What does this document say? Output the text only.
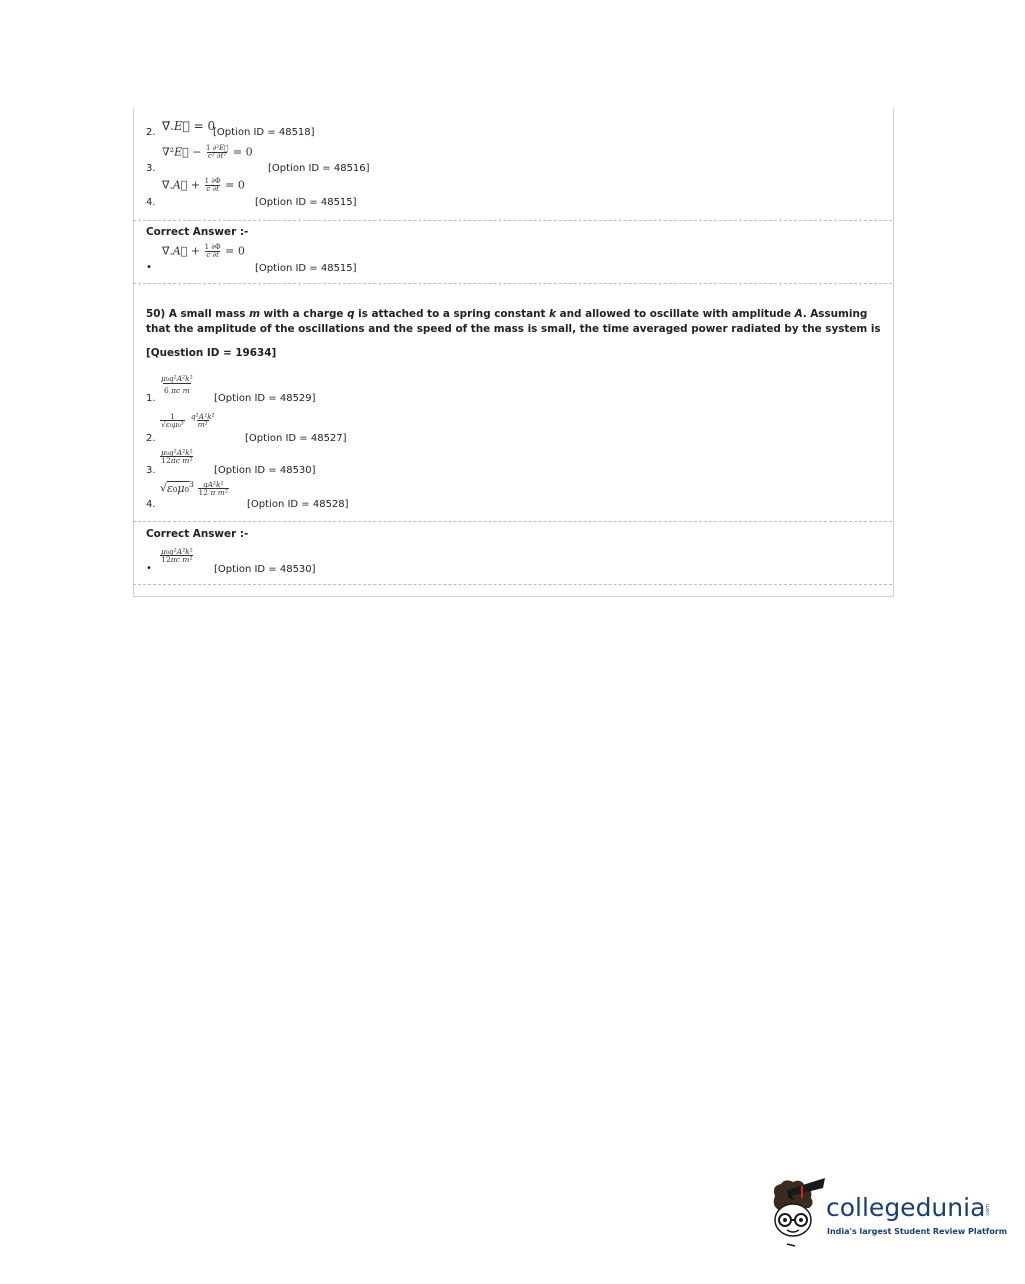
2. ∇⃗.E⃗ = 0
[Option ID = 48518]
3.
∇²E⃗ − $\frac{\text{1 ∂²E⃗}}{\text{c² ∂t²}} = 0$
[Option ID = 48516]
4.
∇⃗.A⃗ + $\frac{1 \partial\Phi}{c \partial t} = 0$
[Option ID = 48515]
Correct Answer :-
•
∇⃗.A⃗ + $\frac{1 \partial\Phi}{c \partial t} = 0$
[Option ID = 48515]
50) A small mass m with a charge q is attached to a spring constant k and allowed to oscillate with amplitude A. Assuming that the amplitude of the oscillations and the speed of the mass is small, the time averaged power radiated by the system is
[Question ID = 19634]
1.
$\frac{\text{μ₀q²A²k²}}{\text{6 πc m}}$
[Option ID = 48529]
2.
$\frac{1}{\text{√ε₀μ₀³}}$
$\frac{\text{q²A²k²}}{\text{m²}}$
[Option ID = 48527]
3.
$\frac{\text{μ₀q²A²k²}}{\text{12πc m²}}$
[Option ID = 48530]
4.
$√\varepsilon_0\mu_0^3 \frac{\text{qA²k²}}{\text{12 π m²}}$
[Option ID = 48528]
Correct Answer :-
•
$\frac{\text{μ₀q²A²k²}}{\text{12πc m²}}$
[Option ID = 48530]
collegedunia .com
India's largest Student Review Platform
